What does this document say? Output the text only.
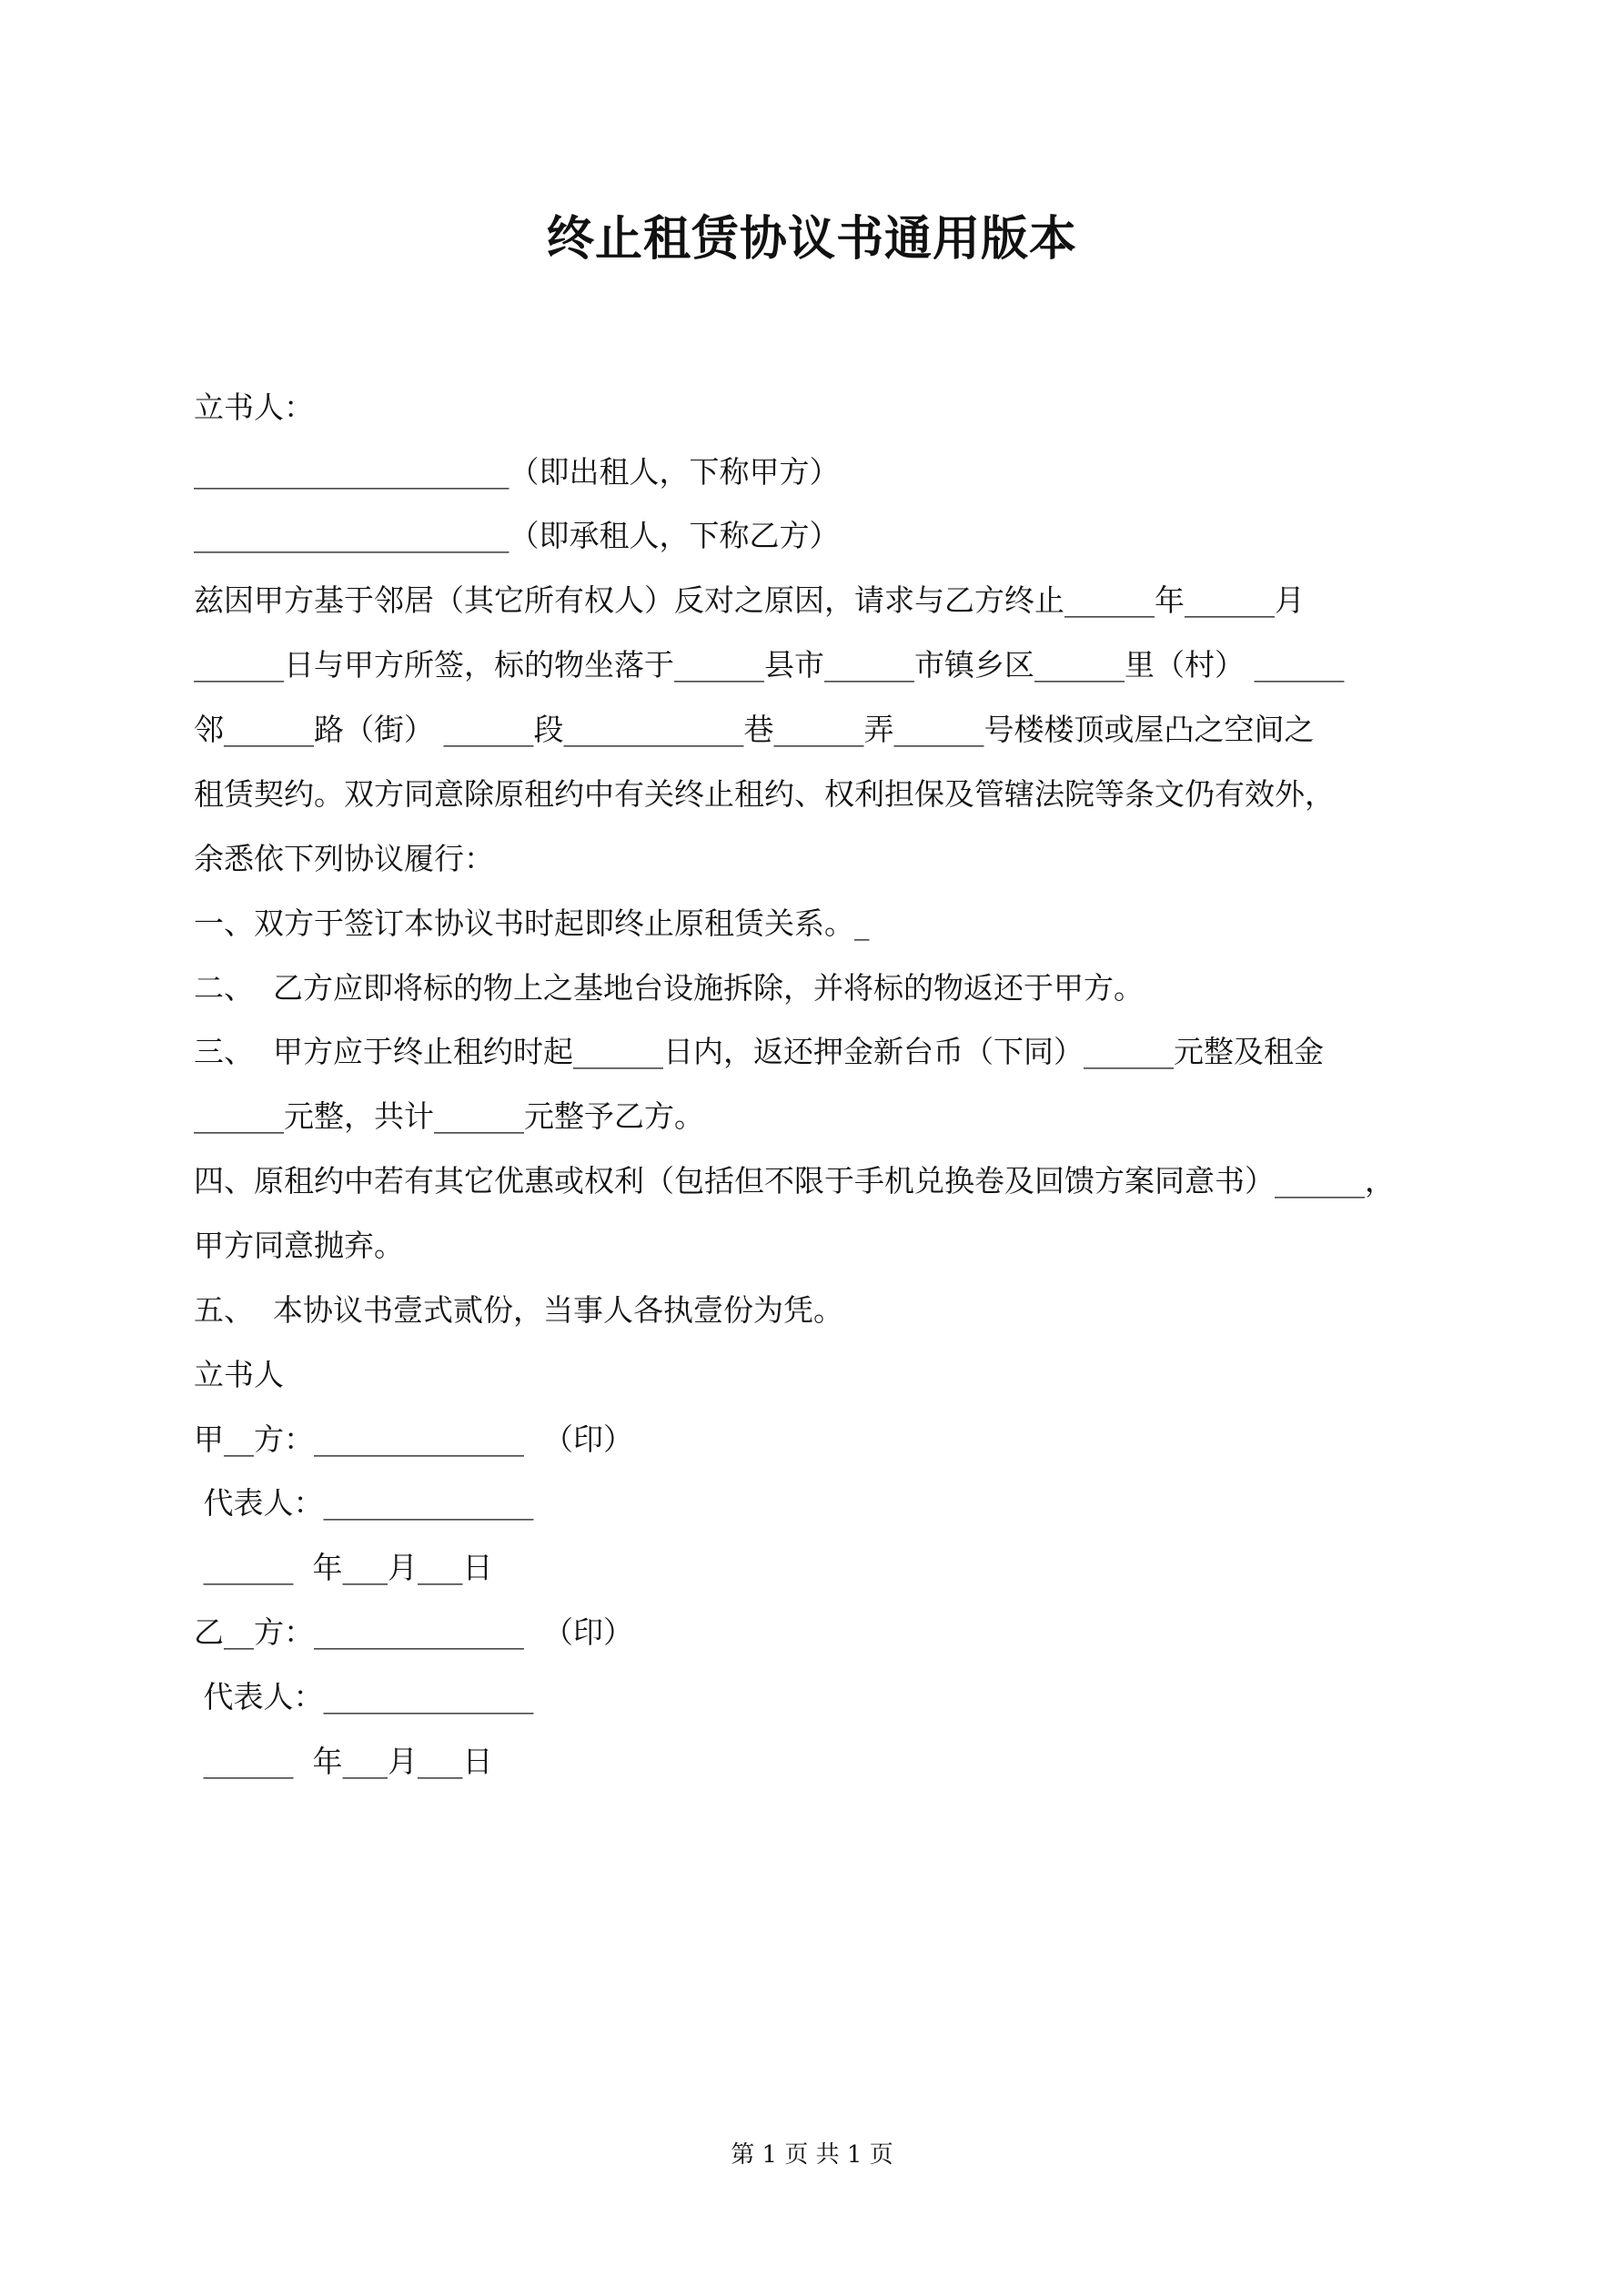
终止租赁协议书通用版本
立书人：
_____________________（即出租人，下称甲方）
_____________________（即承租人，下称乙方）
兹因甲方基于邻居（其它所有权人）反对之原因，请求与乙方终止______年______月
______日与甲方所签，标的物坐落于______县市______市镇乡区______里（村） ______
邻______路（街） ______段____________巷______弄______号楼楼顶或屋凸之空间之
租赁契约。双方同意除原租约中有关终止租约、权利担保及管辖法院等条文仍有效外，
余悉依下列协议履行：
一、双方于签订本协议书时起即终止原租赁关系。_
二、  乙方应即将标的物上之基地台设施拆除，并将标的物返还于甲方。
三、  甲方应于终止租约时起______日内，返还押金新台币（下同）______元整及租金
______元整，共计______元整予乙方。
四、原租约中若有其它优惠或权利（包括但不限于手机兑换卷及回馈方案同意书）______，
甲方同意抛弃。
五、  本协议书壹式贰份，当事人各执壹份为凭。
立书人
甲__方：______________  （印）
代表人：______________
______  年___月___日
乙__方：______________  （印）
代表人：______________
______  年___月___日
第 1 页 共 1 页
